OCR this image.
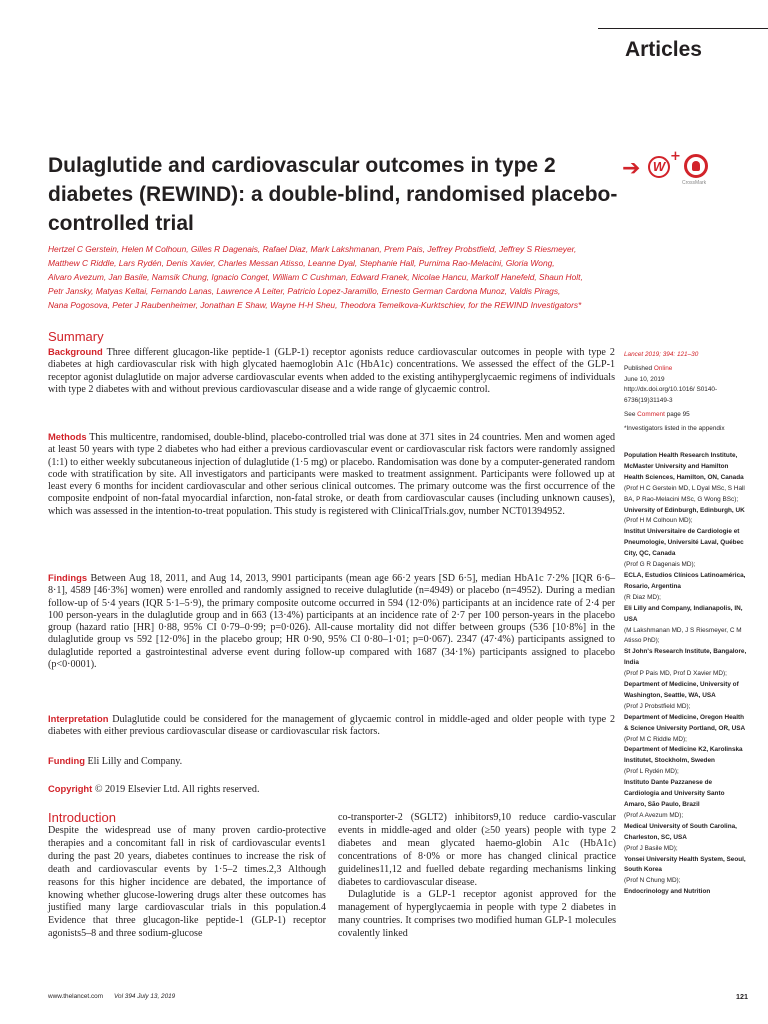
Articles
Dulaglutide and cardiovascular outcomes in type 2 diabetes (REWIND): a double-blind, randomised placebo-controlled trial
➔ W
+
CrossMark
Hertzel C Gerstein, Helen M Colhoun, Gilles R Dagenais, Rafael Diaz, Mark Lakshmanan, Prem Pais, Jeffrey Probstfield, Jeffrey S Riesmeyer,
Matthew C Riddle, Lars Rydén, Denis Xavier, Charles Messan Atisso, Leanne Dyal, Stephanie Hall, Purnima Rao-Melacini, Gloria Wong,
Alvaro Avezum, Jan Basile, Namsik Chung, Ignacio Conget, William C Cushman, Edward Franek, Nicolae Hancu, Markolf Hanefeld, Shaun Holt,
Petr Jansky, Matyas Keltai, Fernando Lanas, Lawrence A Leiter, Patricio Lopez-Jaramillo, Ernesto German Cardona Munoz, Valdis Pirags,
Nana Pogosova, Peter J Raubenheimer, Jonathan E Shaw, Wayne H-H Sheu, Theodora Temelkova-Kurktschiev, for the REWIND Investigators*
Summary

Background Three different glucagon-like peptide-1 (GLP-1) receptor agonists reduce cardiovascular outcomes in people with type 2 diabetes at high cardiovascular risk with high glycated haemoglobin A1c (HbA1c) concentrations. We assessed the effect of the GLP-1 receptor agonist dulaglutide on major adverse cardiovascular events when added to the existing antihyperglycaemic regimens of individuals with type 2 diabetes with and without previous cardiovascular disease and a wide range of glycaemic control.

Methods This multicentre, randomised, double-blind, placebo-controlled trial was done at 371 sites in 24 countries. Men and women aged at least 50 years with type 2 diabetes who had either a previous cardiovascular event or cardiovascular risk factors were randomly assigned (1:1) to either weekly subcutaneous injection of dulaglutide (1·5 mg) or placebo. Randomisation was done by a computer-generated random code with stratification by site. All investigators and participants were masked to treatment assignment. Participants were followed up at least every 6 months for incident cardiovascular and other serious clinical outcomes. The primary outcome was the first occurrence of the composite endpoint of non-fatal myocardial infarction, non-fatal stroke, or death from cardiovascular causes (including unknown causes), which was assessed in the intention-to-treat population. This study is registered with ClinicalTrials.gov, number NCT01394952.

Findings Between Aug 18, 2011, and Aug 14, 2013, 9901 participants (mean age 66·2 years [SD 6·5], median HbA1c 7·2% [IQR 6·6–8·1], 4589 [46·3%] women) were enrolled and randomly assigned to receive dulaglutide (n=4949) or placebo (n=4952). During a median follow-up of 5·4 years (IQR 5·1–5·9), the primary composite outcome occurred in 594 (12·0%) participants at an incidence rate of 2·4 per 100 person-years in the dulaglutide group and in 663 (13·4%) participants at an incidence rate of 2·7 per 100 person-years in the placebo group (hazard ratio [HR] 0·88, 95% CI 0·79–0·99; p=0·026). All-cause mortality did not differ between groups (536 [10·8%] in the dulaglutide group vs 592 [12·0%] in the placebo group; HR 0·90, 95% CI 0·80–1·01; p=0·067). 2347 (47·4%) participants assigned to dulaglutide reported a gastrointestinal adverse event during follow-up compared with 1687 (34·1%) participants assigned to placebo (p<0·0001).

Interpretation Dulaglutide could be considered for the management of glycaemic control in middle-aged and older people with type 2 diabetes with either previous cardiovascular disease or cardiovascular risk factors.

Funding Eli Lilly and Company.

Copyright © 2019 Elsevier Ltd. All rights reserved.

Introduction

Despite the widespread use of many proven cardio-protective therapies and a concomitant fall in risk of cardiovascular events1 during the past 20 years, diabetes continues to increase the risk of death and cardiovascular events by 1·5–2 times.2,3 Although reasons for this higher incidence are debated, the importance of knowing whether glucose-lowering drugs alter these outcomes has justified many large cardiovascular trials in this population.4 Evidence that three glucagon-like peptide-1 (GLP-1) receptor agonists5–8 and three sodium-glucose

co-transporter-2 (SGLT2) inhibitors9,10 reduce cardio-vascular events in middle-aged and older (≥50 years) people with type 2 diabetes and mean glycated haemo-globin A1c (HbA1c) concentrations of 8·0% or more has changed clinical practice guidelines11,12 and fuelled debate regarding mechanisms linking diabetes to cardiovascular disease.

Dulaglutide is a GLP-1 receptor agonist approved for the management of hyperglycaemia in people with type 2 diabetes in many countries. It comprises two modified human GLP-1 molecules covalently linked

Lancet 2019; 394: 121–30

Published Online

June 10, 2019

http://dx.doi.org/10.1016/ S0140-6736(19)31149-3

See Comment page 95

*Investigators listed in the appendix

Population Health Research Institute, McMaster University and Hamilton Health Sciences, Hamilton, ON, Canada
(Prof H C Gerstein MD, L Dyal MSc, S Hall BA, P Rao-Melacini MSc, G Wong BSc);
University of Edinburgh, Edinburgh, UK
(Prof H M Colhoun MD);
Institut Universitaire de Cardiologie et Pneumologie, Université Laval, Québec City, QC, Canada
(Prof G R Dagenais MD);
ECLA, Estudios Clínicos Latinoamérica, Rosario, Argentina
(R Diaz MD);
Eli Lilly and Company, Indianapolis, IN, USA
(M Lakshmanan MD, J S Riesmeyer, C M Atisso PhD);
St John's Research Institute, Bangalore, India
(Prof P Pais MD, Prof D Xavier MD);
Department of Medicine, University of Washington, Seattle, WA, USA
(Prof J Probstfield MD);
Department of Medicine, Oregon Health & Science University Portland, OR, USA
(Prof M C Riddle MD);
Department of Medicine K2, Karolinska Institutet, Stockholm, Sweden
(Prof L Rydén MD);
Instituto Dante Pazzanese de Cardiologia and University Santo Amaro, São Paulo, Brazil
(Prof A Avezum MD);
Medical University of South Carolina, Charleston, SC, USA
(Prof J Basile MD);
Yonsei University Health System, Seoul, South Korea
(Prof N Chung MD);
Endocrinology and Nutrition
www.thelancet.com Vol 394 July 13, 2019	121
